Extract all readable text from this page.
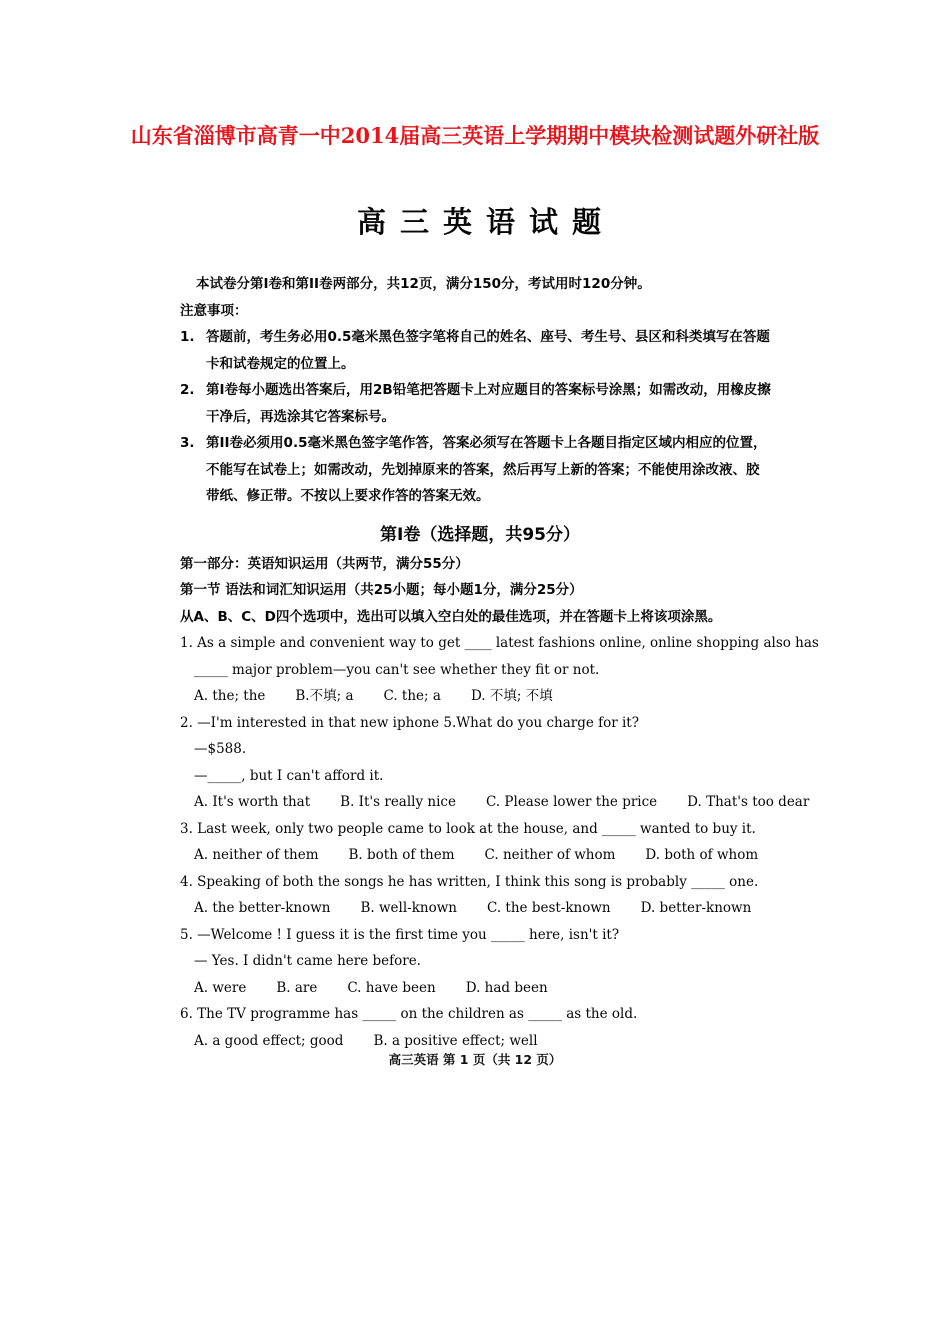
山东省淄博市高青一中2014届高三英语上学期期中模块检测试题外研社版
高三英语试题

本试卷分第I卷和第II卷两部分，共12页，满分150分，考试用时120分钟。

注意事项：

1. 答题前，考生务必用0.5毫米黑色签字笔将自己的姓名、座号、考生号、县区和科类填写在答题卡和试卷规定的位置上。
2. 第I卷每小题选出答案后，用2B铅笔把答题卡上对应题目的答案标号涂黑；如需改动，用橡皮擦干净后，再选涂其它答案标号。
3. 第II卷必须用0.5毫米黑色签字笔作答，答案必须写在答题卡上各题目指定区域内相应的位置，不能写在试卷上；如需改动，先划掉原来的答案，然后再写上新的答案；不能使用涂改液、胶带纸、修正带。不按以上要求作答的答案无效。
第I卷（选择题，共95分）

第一部分：英语知识运用（共两节，满分55分）

第一节 语法和词汇知识运用（共25小题；每小题1分，满分25分）

从A、B、C、D四个选项中，选出可以填入空白处的最佳选项，并在答题卡上将该项涂黑。

1. As a simple and convenient way to get ____ latest fashions online, online shopping also has

_____ major problem—you can't see whether they fit or not.

A. the; the B.不填; a C. the; a D. 不填; 不填

2. —I'm interested in that new iphone 5.What do you charge for it?

—$588.

—_____, but I can't afford it.

A. It's worth that B. It's really nice C. Please lower the price D. That's too dear

3. Last week, only two people came to look at the house, and _____ wanted to buy it.

A. neither of them B. both of them C. neither of whom D. both of whom

4. Speaking of both the songs he has written, I think this song is probably _____ one.

A. the better-known B. well-known C. the best-known D. better-known

5. —Welcome ! I guess it is the first time you _____ here, isn't it?

— Yes. I didn't came here before.

A. were B. are C. have been D. had been

6. The TV programme has _____ on the children as _____ as the old.

A. a good effect; good B. a positive effect; well
高三英语 第 1 页（共 12 页）
